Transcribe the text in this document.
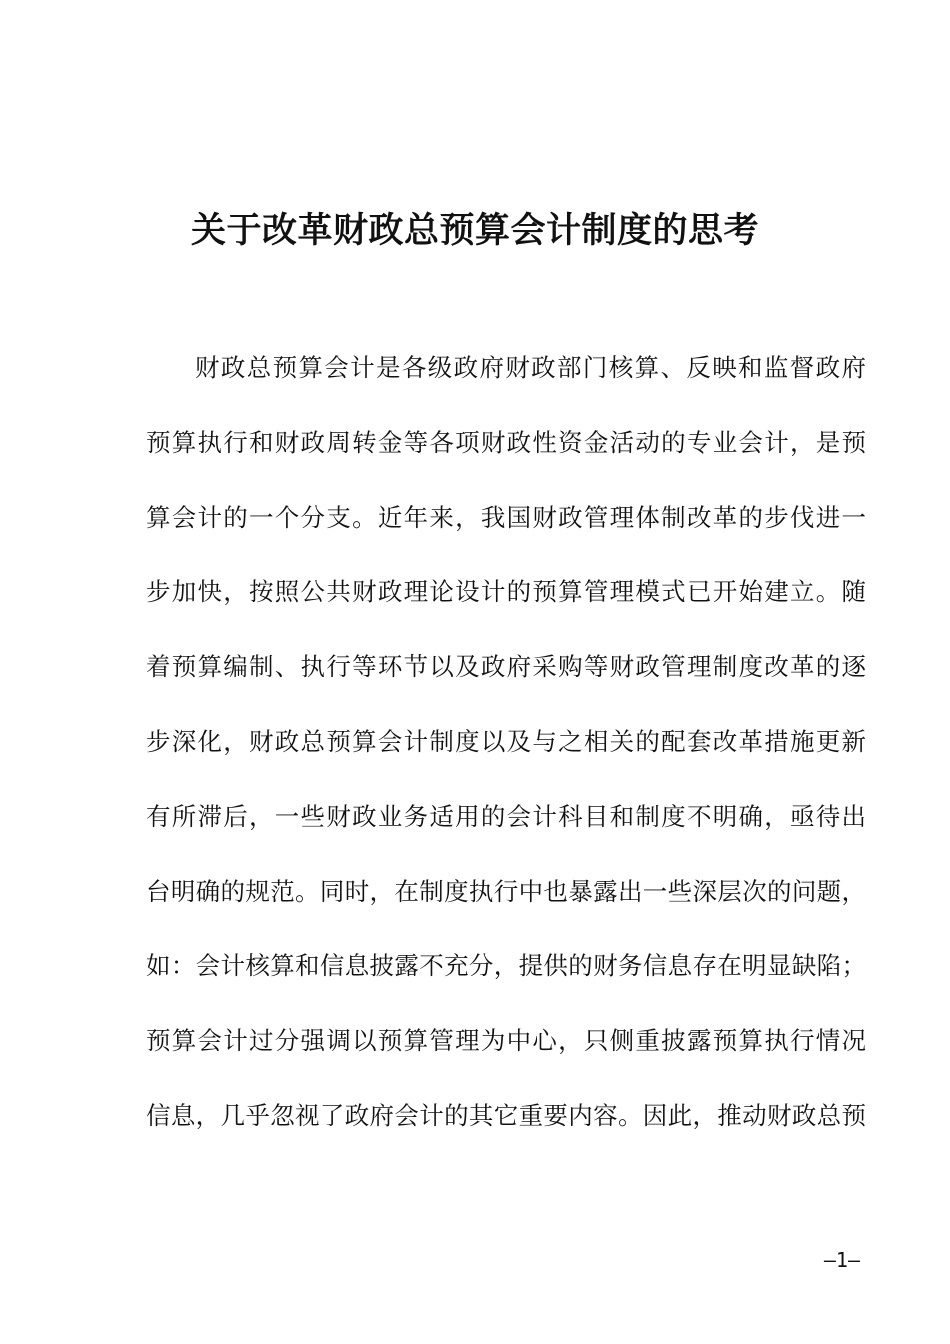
关于改革财政总预算会计制度的思考
财政总预算会计是各级政府财政部门核算、反映和监督政府
预算执行和财政周转金等各项财政性资金活动的专业会计，是预
算会计的一个分支。近年来，我国财政管理体制改革的步伐进一
步加快，按照公共财政理论设计的预算管理模式已开始建立。随
着预算编制、执行等环节以及政府采购等财政管理制度改革的逐
步深化，财政总预算会计制度以及与之相关的配套改革措施更新
有所滞后，一些财政业务适用的会计科目和制度不明确，亟待出
台明确的规范。同时，在制度执行中也暴露出一些深层次的问题，
如：会计核算和信息披露不充分，提供的财务信息存在明显缺陷；
预算会计过分强调以预算管理为中心，只侧重披露预算执行情况
信息，几乎忽视了政府会计的其它重要内容。因此，推动财政总预
—1—
